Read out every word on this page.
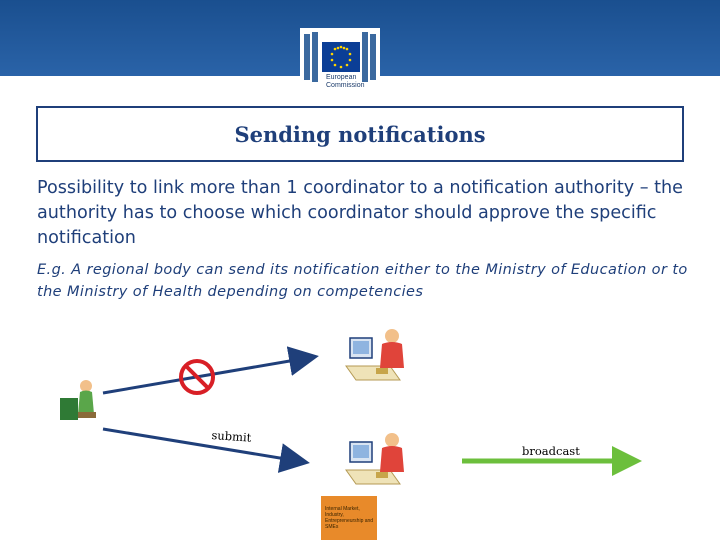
European
Commission
Sending notifications
Possibility to link more than 1 coordinator to a notification authority – the authority has to choose which coordinator should approve the specific notification
E.g. A regional body can send its notification either to the Ministry of Education or to the Ministry of Health depending on competencies
submit
broadcast
Internal Market, Industry, Entrepreneurship and SMEs
